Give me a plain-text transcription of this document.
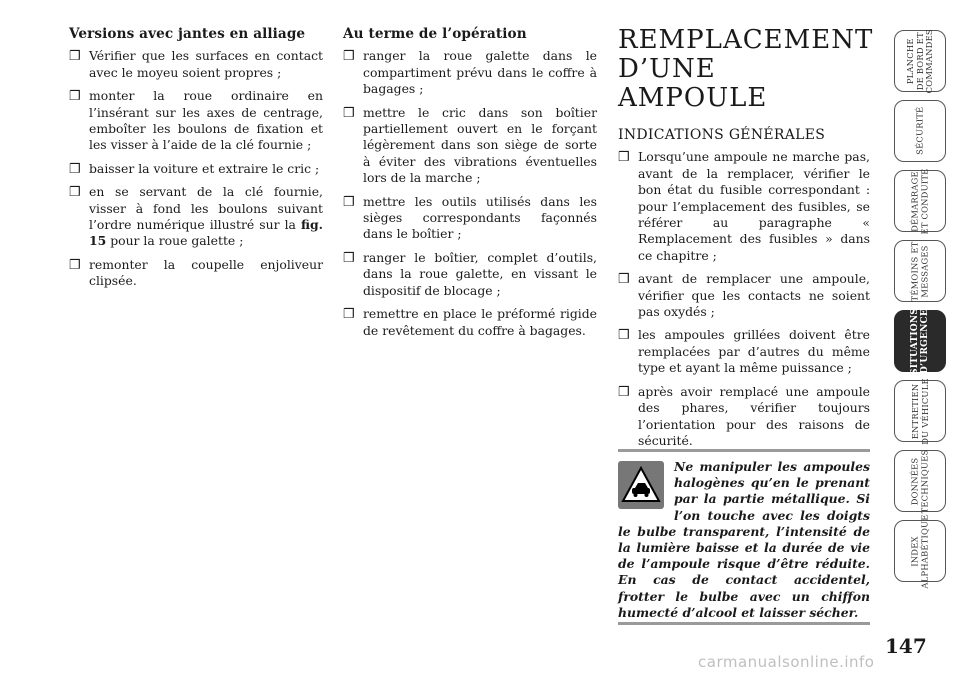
Versions avec jantes en alliage
❒ Vérifier que les surfaces en contact avec le moyeu soient propres ;
❒ monter la roue ordinaire en l’insérant sur les axes de centrage, emboîter les boulons de fixation et les visser à l’aide de la clé fournie ;
❒ baisser la voiture et extraire le cric ;
❒ en se servant de la clé fournie, visser à fond les boulons suivant l’ordre numérique illustré sur la fig. 15 pour la roue galette ;
❒ remonter la coupelle enjoliveur clipsée.
Au terme de l’opération
❒ ranger la roue galette dans le compartiment prévu dans le coffre à bagages ;
❒ mettre le cric dans son boîtier partiellement ouvert en le forçant légèrement dans son siège de sorte à éviter des vibrations éventuelles lors de la marche ;
❒ mettre les outils utilisés dans les sièges correspondants façonnés dans le boîtier ;
❒ ranger le boîtier, complet d’outils, dans la roue galette, en vissant le dispositif de blocage ;
❒ remettre en place le préformé rigide de revêtement du coffre à bagages.
REMPLACEMENT
D’UNE AMPOULE
INDICATIONS GÉNÉRALES
❒ Lorsqu’une ampoule ne marche pas, avant de la remplacer, vérifier le bon état du fusible correspondant : pour l’emplacement des fusibles, se référer au paragraphe « Remplacement des fusibles » dans ce chapitre ;
❒ avant de remplacer une ampoule, vérifier que les contacts ne soient pas oxydés ;
❒ les ampoules grillées doivent être remplacées par d’autres du même type et ayant la même puissance ;
❒ après avoir remplacé une ampoule des phares, vérifier toujours l’orientation pour des raisons de sécurité.
Ne manipuler les ampoules halogènes qu’en le prenant par la partie métallique. Si l’on touche avec les doigts le bulbe transparent, l’intensité de la lumière baisse et la durée de vie de l’ampoule risque d’être réduite. En cas de contact accidentel, frotter le bulbe avec un chiffon humecté d’alcool et laisser sécher.
PLANCHE
DE BORD ET
COMMANDES
SÉCURITÉ
DÉMARRAGE
ET CONDUITE
TÉMOINS ET
MESSAGES
SITUATIONS
D’URGENCE
ENTRETIEN
DU VÉHICULE
DONNÉES
TECHNIQUES
INDEX
ALPHABÉTIQUE
147
carmanualsonline.info
